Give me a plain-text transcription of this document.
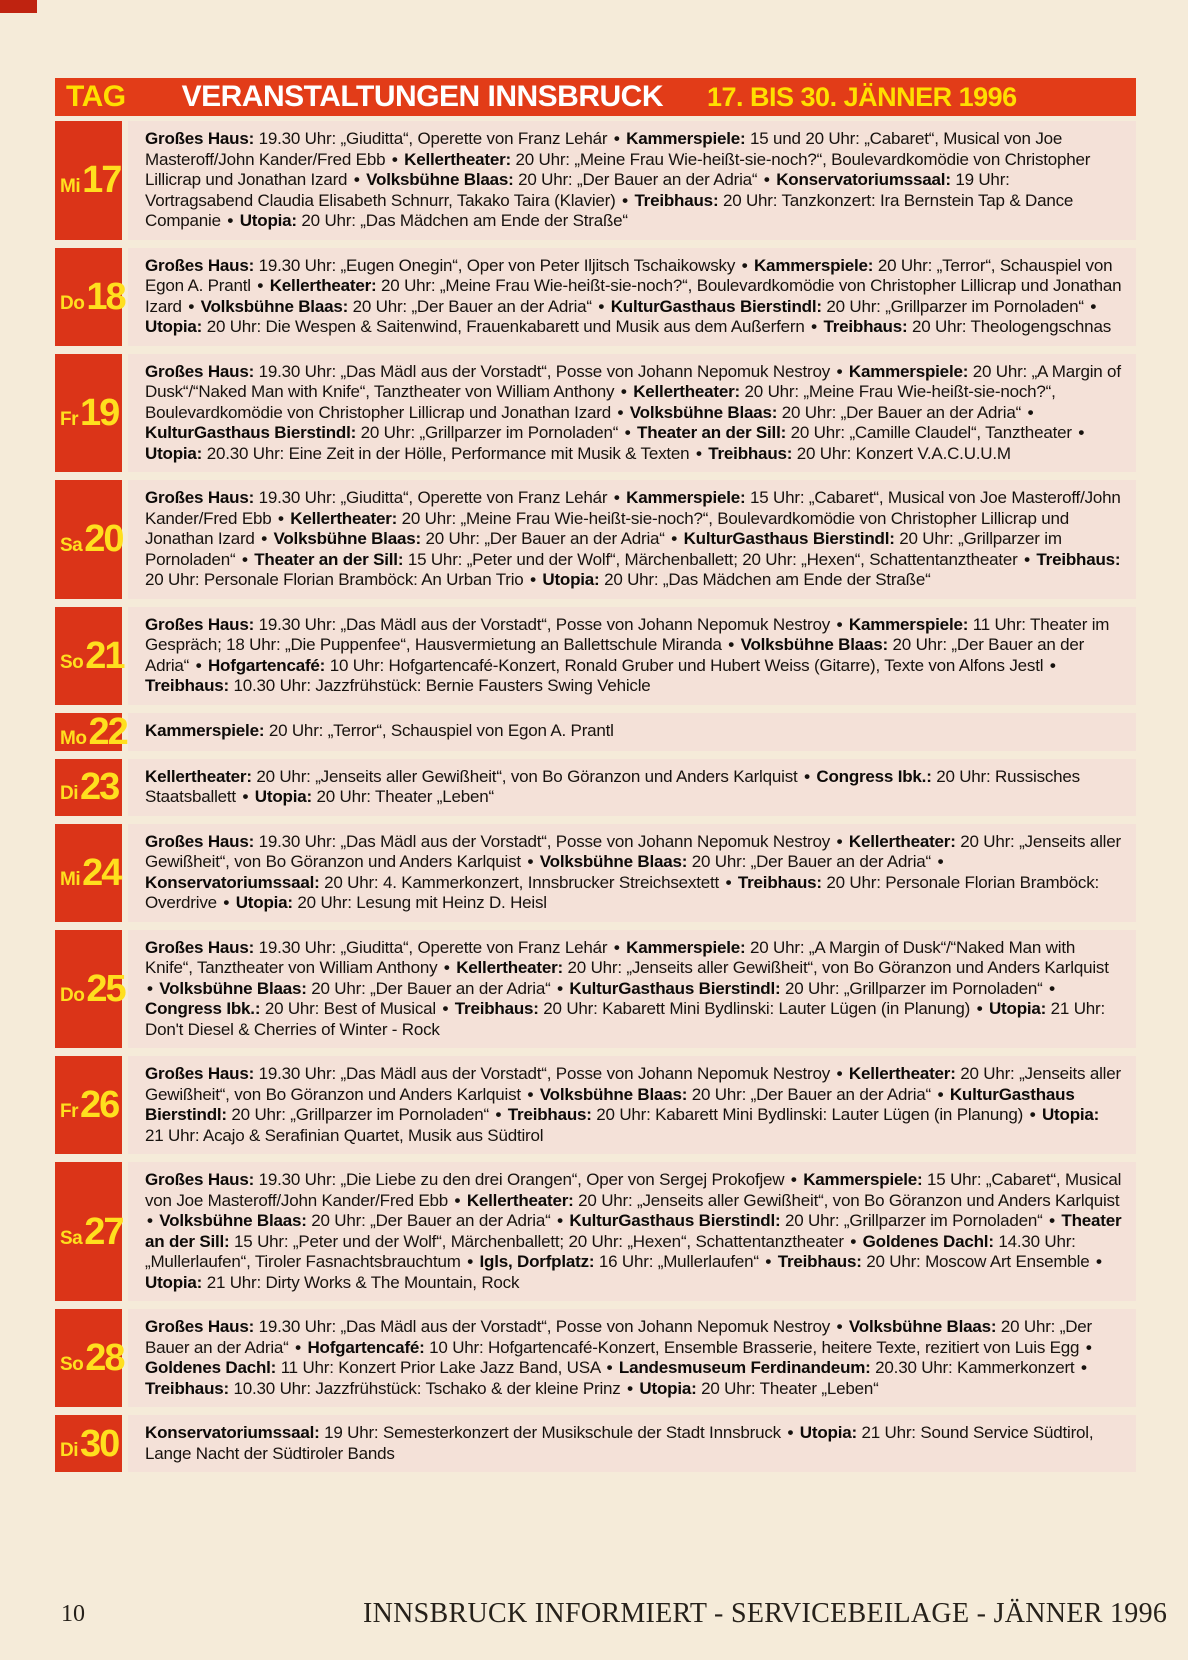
TAG VERANSTALTUNGEN INNSBRUCK 17. BIS 30. JÄNNER 1996
Mi 17
Großes Haus: 19.30 Uhr: „Giuditta“, Operette von Franz Lehár • Kammerspiele: 15 und 20 Uhr: „Cabaret“, Musical von Joe Masteroff/John Kander/Fred Ebb • Kellertheater: 20 Uhr: „Meine Frau Wie-heißt-sie-noch?“, Boulevardkomödie von Christopher Lillicrap und Jonathan Izard • Volksbühne Blaas: 20 Uhr: „Der Bauer an der Adria“ • Konservatoriumssaal: 19 Uhr: Vortragsabend Claudia Elisabeth Schnurr, Takako Taira (Klavier) • Treibhaus: 20 Uhr: Tanzkonzert: Ira Bernstein Tap & Dance Companie • Utopia: 20 Uhr: „Das Mädchen am Ende der Straße“
Do 18
Großes Haus: 19.30 Uhr: „Eugen Onegin“, Oper von Peter Iljitsch Tschaikowsky • Kammerspiele: 20 Uhr: „Terror“, Schauspiel von Egon A. Prantl • Kellertheater: 20 Uhr: „Meine Frau Wie-heißt-sie-noch?“, Boulevardkomödie von Christopher Lillicrap und Jonathan Izard • Volksbühne Blaas: 20 Uhr: „Der Bauer an der Adria“ • KulturGasthaus Bierstindl: 20 Uhr: „Grillparzer im Pornoladen“ • Utopia: 20 Uhr: Die Wespen & Saitenwind, Frauenkabarett und Musik aus dem Außerfern • Treibhaus: 20 Uhr: Theologengschnas
Fr 19
Großes Haus: 19.30 Uhr: „Das Mädl aus der Vorstadt“, Posse von Johann Nepomuk Nestroy • Kammerspiele: 20 Uhr: „A Margin of Dusk“/“Naked Man with Knife“, Tanztheater von William Anthony • Kellertheater: 20 Uhr: „Meine Frau Wie-heißt-sie-noch?“, Boulevardkomödie von Christopher Lillicrap und Jonathan Izard • Volksbühne Blaas: 20 Uhr: „Der Bauer an der Adria“ • KulturGasthaus Bierstindl: 20 Uhr: „Grillparzer im Pornoladen“ • Theater an der Sill: 20 Uhr: „Camille Claudel“, Tanztheater • Utopia: 20.30 Uhr: Eine Zeit in der Hölle, Performance mit Musik & Texten • Treibhaus: 20 Uhr: Konzert V.A.C.U.U.M
Sa 20
Großes Haus: 19.30 Uhr: „Giuditta“, Operette von Franz Lehár • Kammerspiele: 15 Uhr: „Cabaret“, Musical von Joe Masteroff/John Kander/Fred Ebb • Kellertheater: 20 Uhr: „Meine Frau Wie-heißt-sie-noch?“, Boulevardkomödie von Christopher Lillicrap und Jonathan Izard • Volksbühne Blaas: 20 Uhr: „Der Bauer an der Adria“ • KulturGasthaus Bierstindl: 20 Uhr: „Grillparzer im Pornoladen“ • Theater an der Sill: 15 Uhr: „Peter und der Wolf“, Märchenballett; 20 Uhr: „Hexen“, Schattentanztheater • Treibhaus: 20 Uhr: Personale Florian Bramböck: An Urban Trio • Utopia: 20 Uhr: „Das Mädchen am Ende der Straße“
So 21
Großes Haus: 19.30 Uhr: „Das Mädl aus der Vorstadt“, Posse von Johann Nepomuk Nestroy • Kammerspiele: 11 Uhr: Theater im Gespräch; 18 Uhr: „Die Puppenfee“, Hausvermietung an Ballettschule Miranda • Volksbühne Blaas: 20 Uhr: „Der Bauer an der Adria“ • Hofgartencafé: 10 Uhr: Hofgartencafé-Konzert, Ronald Gruber und Hubert Weiss (Gitarre), Texte von Alfons Jestl • Treibhaus: 10.30 Uhr: Jazzfrühstück: Bernie Fausters Swing Vehicle
Mo 22	Kammerspiele: 20 Uhr: „Terror“, Schauspiel von Egon A. Prantl
Di 23	Kellertheater: 20 Uhr: „Jenseits aller Gewißheit“, von Bo Göranzon und Anders Karlquist • Congress Ibk.: 20 Uhr: Russisches Staatsballett • Utopia: 20 Uhr: Theater „Leben“
Mi 24
Großes Haus: 19.30 Uhr: „Das Mädl aus der Vorstadt“, Posse von Johann Nepomuk Nestroy • Kellertheater: 20 Uhr: „Jenseits aller Gewißheit“, von Bo Göranzon und Anders Karlquist • Volksbühne Blaas: 20 Uhr: „Der Bauer an der Adria“ • Konservatoriumssaal: 20 Uhr: 4. Kammerkonzert, Innsbrucker Streichsextett • Treibhaus: 20 Uhr: Personale Florian Bramböck: Overdrive • Utopia: 20 Uhr: Lesung mit Heinz D. Heisl
Do 25
Großes Haus: 19.30 Uhr: „Giuditta“, Operette von Franz Lehár • Kammerspiele: 20 Uhr: „A Margin of Dusk“/“Naked Man with Knife“, Tanztheater von William Anthony • Kellertheater: 20 Uhr: „Jenseits aller Gewißheit“, von Bo Göranzon und Anders Karlquist • Volksbühne Blaas: 20 Uhr: „Der Bauer an der Adria“ • KulturGasthaus Bierstindl: 20 Uhr: „Grillparzer im Pornoladen“ • Congress Ibk.: 20 Uhr: Best of Musical • Treibhaus: 20 Uhr: Kabarett Mini Bydlinski: Lauter Lügen (in Planung) • Utopia: 21 Uhr: Don't Diesel & Cherries of Winter - Rock
Fr 26
Großes Haus: 19.30 Uhr: „Das Mädl aus der Vorstadt“, Posse von Johann Nepomuk Nestroy • Kellertheater: 20 Uhr: „Jenseits aller Gewißheit“, von Bo Göranzon und Anders Karlquist • Volksbühne Blaas: 20 Uhr: „Der Bauer an der Adria“ • KulturGasthaus Bierstindl: 20 Uhr: „Grillparzer im Pornoladen“ • Treibhaus: 20 Uhr: Kabarett Mini Bydlinski: Lauter Lügen (in Planung) • Utopia: 21 Uhr: Acajo & Serafinian Quartet, Musik aus Südtirol
Sa 27
Großes Haus: 19.30 Uhr: „Die Liebe zu den drei Orangen“, Oper von Sergej Prokofjew • Kammerspiele: 15 Uhr: „Cabaret“, Musical von Joe Masteroff/John Kander/Fred Ebb • Kellertheater: 20 Uhr: „Jenseits aller Gewißheit“, von Bo Göranzon und Anders Karlquist • Volksbühne Blaas: 20 Uhr: „Der Bauer an der Adria“ • KulturGasthaus Bierstindl: 20 Uhr: „Grillparzer im Pornoladen“ • Theater an der Sill: 15 Uhr: „Peter und der Wolf“, Märchenballett; 20 Uhr: „Hexen“, Schattentanztheater • Goldenes Dachl: 14.30 Uhr: „Mullerlaufen“, Tiroler Fasnachtsbrauchtum • Igls, Dorfplatz: 16 Uhr: „Mullerlaufen“ • Treibhaus: 20 Uhr: Moscow Art Ensemble • Utopia: 21 Uhr: Dirty Works & The Mountain, Rock
So 28
Großes Haus: 19.30 Uhr: „Das Mädl aus der Vorstadt“, Posse von Johann Nepomuk Nestroy • Volksbühne Blaas: 20 Uhr: „Der Bauer an der Adria“ • Hofgartencafé: 10 Uhr: Hofgartencafé-Konzert, Ensemble Brasserie, heitere Texte, rezitiert von Luis Egg • Goldenes Dachl: 11 Uhr: Konzert Prior Lake Jazz Band, USA • Landesmuseum Ferdinandeum: 20.30 Uhr: Kammerkonzert • Treibhaus: 10.30 Uhr: Jazzfrühstück: Tschako & der kleine Prinz • Utopia: 20 Uhr: Theater „Leben“
Di 30	Konservatoriumssaal: 19 Uhr: Semesterkonzert der Musikschule der Stadt Innsbruck • Utopia: 21 Uhr: Sound Service Südtirol, Lange Nacht der Südtiroler Bands
10	INNSBRUCK INFORMIERT - SERVICEBEILAGE - JÄNNER 1996
